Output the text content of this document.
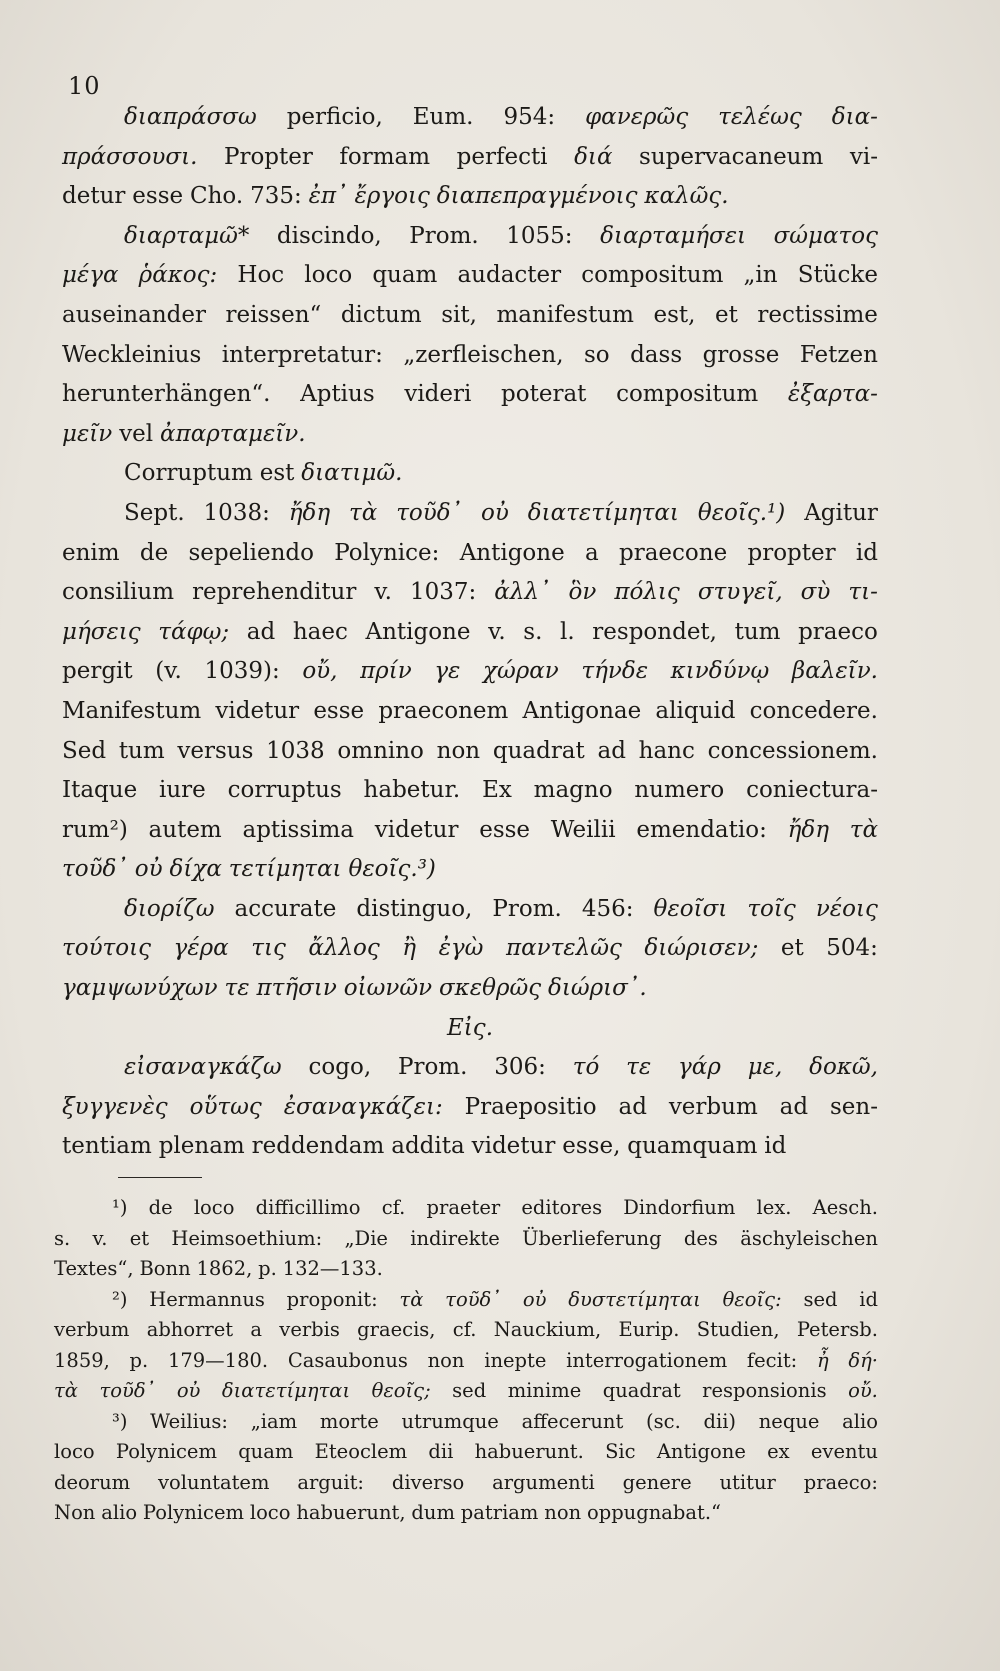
10
διαπράσσω perficio, Eum. 954: φανερῶς τελέως δια-
πράσσουσι. Propter formam perfecti διά supervacaneum vi-
detur esse Cho. 735: ἐπ᾽ ἔργοις διαπεπραγμένοις καλῶς.
διαρταμῶ* discindo, Prom. 1055: διαρταμήσει σώματος
μέγα ῥάκος: Hoc loco quam audacter compositum „in Stücke
auseinander reissen“ dictum sit, manifestum est, et rectissime
Weckleinius interpretatur: „zerfleischen, so dass grosse Fetzen
herunterhängen“. Aptius videri poterat compositum ἐξαρτα-
μεῖν vel ἀπαρταμεῖν.
Corruptum est διατιμῶ.
Sept. 1038: ἤδη τὰ τοῦδ᾽ οὐ διατετίμηται θεοῖς.¹) Agitur
enim de sepeliendo Polynice: Antigone a praecone propter id
consilium reprehenditur v. 1037: ἀλλ᾽ ὃν πόλις στυγεῖ, σὺ τι-
μήσεις τάφῳ; ad haec Antigone v. s. l. respondet, tum praeco
pergit (v. 1039): οὔ, πρίν γε χώραν τήνδε κινδύνῳ βαλεῖν.
Manifestum videtur esse praeconem Antigonae aliquid concedere.
Sed tum versus 1038 omnino non quadrat ad hanc concessionem.
Itaque iure corruptus habetur. Ex magno numero coniectura-
rum²) autem aptissima videtur esse Weilii emendatio: ἤδη τὰ
τοῦδ᾽ οὐ δίχα τετίμηται θεοῖς.³)
διορίζω accurate distinguo, Prom. 456: θεοῖσι τοῖς νέοις
τούτοις γέρα τις ἄλλος ἢ ἐγὼ παντελῶς διώρισεν; et 504:
γαμψωνύχων τε πτῆσιν οἰωνῶν σκεθρῶς διώρισ᾽.
Εἰς.
εἰσαναγκάζω cogo, Prom. 306: τό τε γάρ με, δοκῶ,
ξυγγενὲς οὕτως ἐσαναγκάζει: Praepositio ad verbum ad sen-
tentiam plenam reddendam addita videtur esse, quamquam id
¹) de loco difficillimo cf. praeter editores Dindorfium lex. Aesch.
s. v. et Heimsoethium: „Die indirekte Überlieferung des äschyleischen
Textes“, Bonn 1862, p. 132—133.
²) Hermannus proponit: τὰ τοῦδ᾽ οὐ δυστετίμηται θεοῖς: sed id
verbum abhorret a verbis graecis, cf. Nauckium, Eurip. Studien, Petersb.
1859, p. 179—180. Casaubonus non inepte interrogationem fecit: ἦ δή·
τὰ τοῦδ᾽ οὐ διατετίμηται θεοῖς; sed minime quadrat responsionis οὔ.
³) Weilius: „iam morte utrumque affecerunt (sc. dii) neque alio
loco Polynicem quam Eteoclem dii habuerunt. Sic Antigone ex eventu
deorum voluntatem arguit: diverso argumenti genere utitur praeco:
Non alio Polynicem loco habuerunt, dum patriam non oppugnabat.“
